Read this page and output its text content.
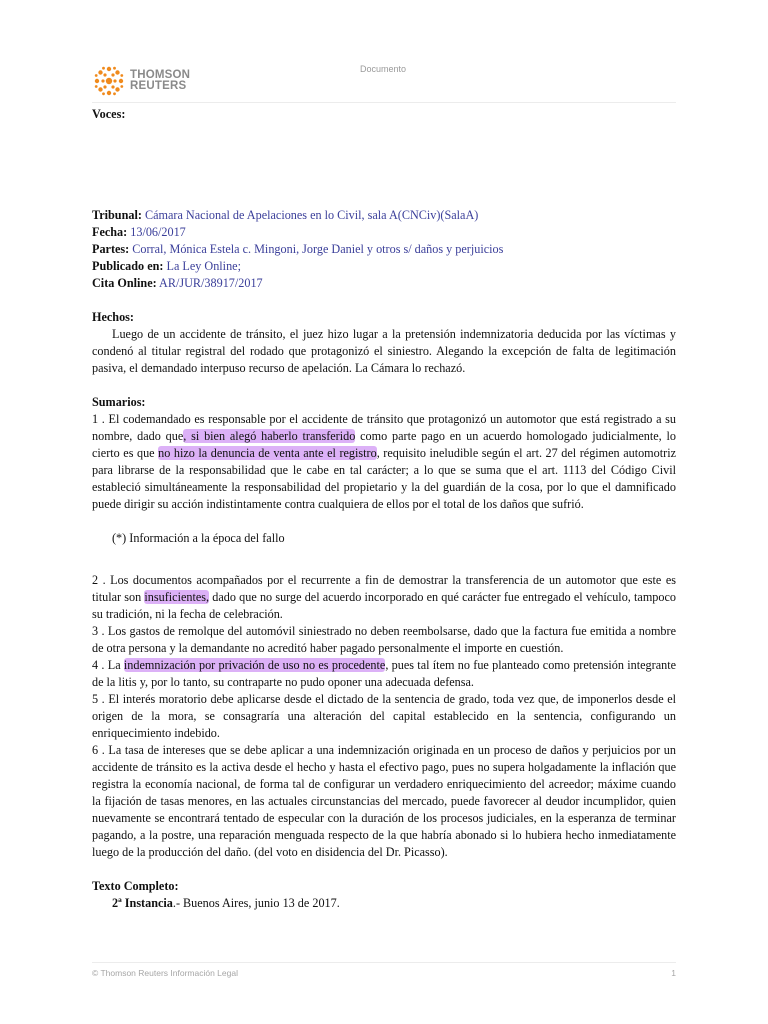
THOMSON
REUTERS
Documento
Voces:
Tribunal: Cámara Nacional de Apelaciones en lo Civil, sala A(CNCiv)(SalaA)
Fecha: 13/06/2017
Partes: Corral, Mónica Estela c. Mingoni, Jorge Daniel y otros s/ daños y perjuicios
Publicado en: La Ley Online;
Cita Online: AR/JUR/38917/2017
Hechos:

Luego de un accidente de tránsito, el juez hizo lugar a la pretensión indemnizatoria deducida por las víctimas y condenó al titular registral del rodado que protagonizó el siniestro. Alegando la excepción de falta de legitimación pasiva, el demandado interpuso recurso de apelación. La Cámara lo rechazó.

Sumarios:

1 . El codemandado es responsable por el accidente de tránsito que protagonizó un automotor que está registrado a su nombre, dado que, si bien alegó haberlo transferido como parte pago en un acuerdo homologado judicialmente, lo cierto es que no hizo la denuncia de venta ante el registro, requisito ineludible según el art. 27 del régimen automotriz para librarse de la responsabilidad que le cabe en tal carácter; a lo que se suma que el art. 1113 del Código Civil estableció simultáneamente la responsabilidad del propietario y la del guardián de la cosa, por lo que el damnificado puede dirigir su acción indistintamente contra cualquiera de ellos por el total de los daños que sufrió.

(*) Información a la época del fallo

2 . Los documentos acompañados por el recurrente a fin de demostrar la transferencia de un automotor que este es titular son insuficientes, dado que no surge del acuerdo incorporado en qué carácter fue entregado el vehículo, tampoco su tradición, ni la fecha de celebración.

3 . Los gastos de remolque del automóvil siniestrado no deben reembolsarse, dado que la factura fue emitida a nombre de otra persona y la demandante no acreditó haber pagado personalmente el importe en cuestión.

4 . La indemnización por privación de uso no es procedente, pues tal ítem no fue planteado como pretensión integrante de la litis y, por lo tanto, su contraparte no pudo oponer una adecuada defensa.

5 . El interés moratorio debe aplicarse desde el dictado de la sentencia de grado, toda vez que, de imponerlos desde el origen de la mora, se consagraría una alteración del capital establecido en la sentencia, configurando un enriquecimiento indebido.

6 . La tasa de intereses que se debe aplicar a una indemnización originada en un proceso de daños y perjuicios por un accidente de tránsito es la activa desde el hecho y hasta el efectivo pago, pues no supera holgadamente la inflación que registra la economía nacional, de forma tal de configurar un verdadero enriquecimiento del acreedor; máxime cuando la fijación de tasas menores, en las actuales circunstancias del mercado, puede favorecer al deudor incumplidor, quien nuevamente se encontrará tentado de especular con la duración de los procesos judiciales, en la esperanza de terminar pagando, a la postre, una reparación menguada respecto de la que habría abonado si lo hubiera hecho inmediatamente luego de la producción del daño. (del voto en disidencia del Dr. Picasso).

Texto Completo:

2ª Instancia.- Buenos Aires, junio 13 de 2017.

© Thomson Reuters Información Legal	1
